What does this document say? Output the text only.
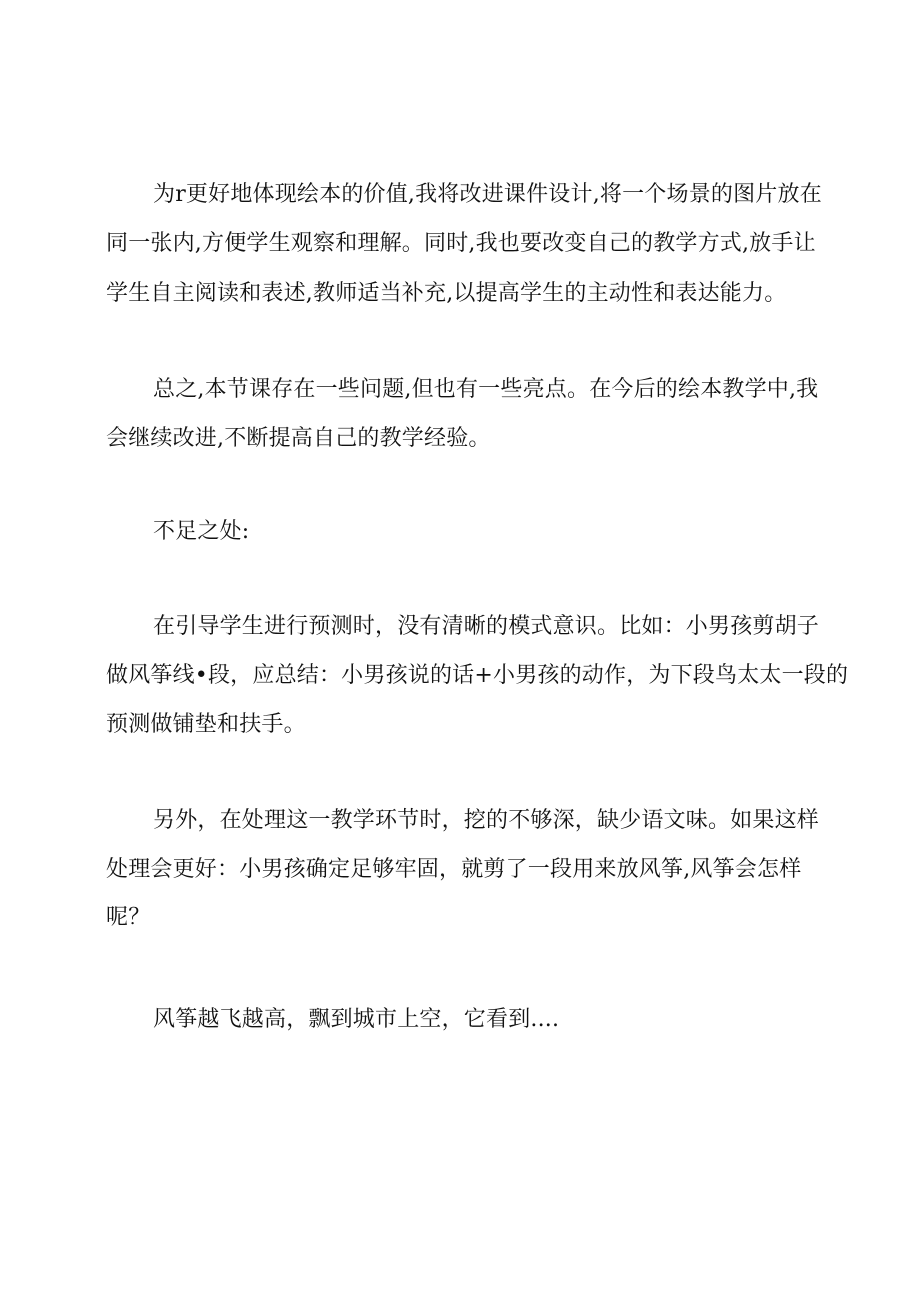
为r更好地体现绘本的价值,我将改进课件设计,将一个场景的图片放在
同一张内,方便学生观察和理解。同时,我也要改变自己的教学方式,放手让
学生自主阅读和表述,教师适当补充,以提高学生的主动性和表达能力。
总之,本节课存在一些问题,但也有一些亮点。在今后的绘本教学中,我
会继续改进,不断提高自己的教学经验。
不足之处:
在引导学生进行预测时，没有清晰的模式意识。比如：小男孩剪胡子
做风筝线•段，应总结：小男孩说的话+小男孩的动作，为下段鸟太太一段的
预测做铺垫和扶手。
另外，在处理这一教学环节时，挖的不够深，缺少语文味。如果这样
处理会更好：小男孩确定足够牢固，就剪了一段用来放风筝,风筝会怎样
呢？
风筝越飞越高，飘到城市上空，它看到....
